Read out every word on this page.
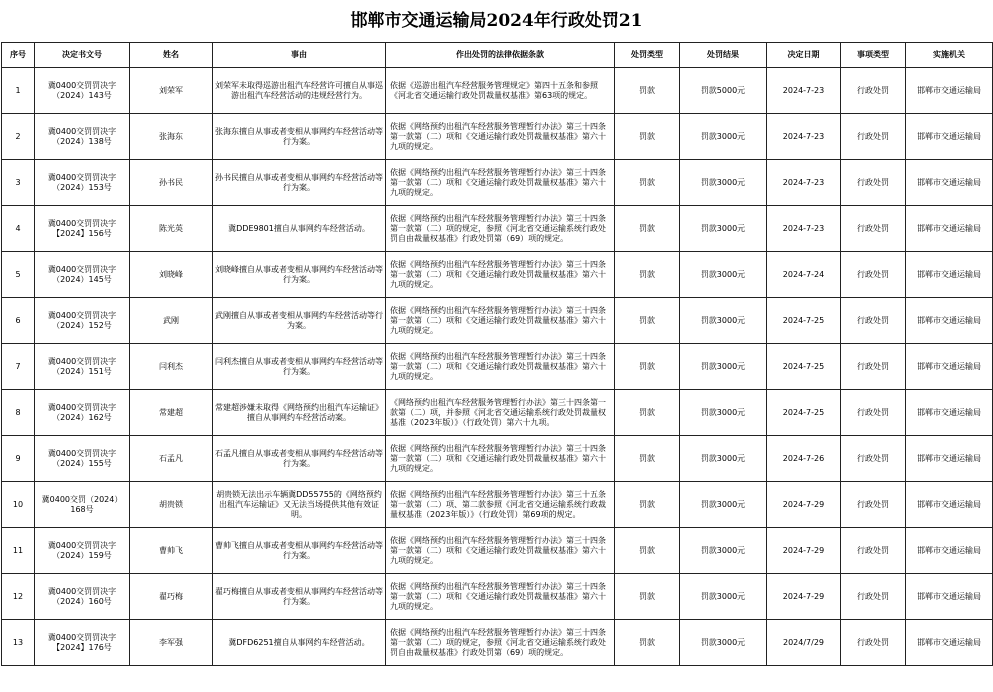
邯郸市交通运输局2024年行政处罚21
序号	决定书文号	姓名	事由	作出处罚的法律依据条款	处罚类型	处罚结果	决定日期	事项类型	实施机关
1	冀0400交罚罚决字（2024）143号	刘荣军	刘荣军未取得巡游出租汽车经营许可擅自从事巡游出租汽车经营活动的违规经营行为。	依据《巡游出租汽车经营服务管理规定》第四十五条和参照《河北省交通运输行政处罚裁量权基准》第63项的规定。	罚款	罚款5000元	2024-7-23	行政处罚	邯郸市交通运输局
2	冀0400交罚罚决字（2024）138号	张海东	张海东擅自从事或者变相从事网约车经营活动等行为案。	依据《网络预约出租汽车经营服务管理暂行办法》第三十四条第一款第（二）项和《交通运输行政处罚裁量权基准》第六十九项的规定。	罚款	罚款3000元	2024-7-23	行政处罚	邯郸市交通运输局
3	冀0400交罚罚决字（2024）153号	孙书民	孙书民擅自从事或者变相从事网约车经营活动等行为案。	依据《网络预约出租汽车经营服务管理暂行办法》第三十四条第一款第（二）项和《交通运输行政处罚裁量权基准》第六十九项的规定。	罚款	罚款3000元	2024-7-23	行政处罚	邯郸市交通运输局
4	冀0400交罚罚决字【2024】156号	陈光英	冀DDE9801擅自从事网约车经营活动。	依据《网络预约出租汽车经营服务管理暂行办法》第三十四条第一款第（二）项的规定，参照《河北省交通运输系统行政处罚自由裁量权基准》行政处罚第（69）项的规定。	罚款	罚款3000元	2024-7-23	行政处罚	邯郸市交通运输局
5	冀0400交罚罚决字（2024）145号	刘晓峰	刘晓峰擅自从事或者变相从事网约车经营活动等行为案。	依据《网络预约出租汽车经营服务管理暂行办法》第三十四条第一款第（二）项和《交通运输行政处罚裁量权基准》第六十九项的规定。	罚款	罚款3000元	2024-7-24	行政处罚	邯郸市交通运输局
6	冀0400交罚罚决字（2024）152号	武刚	武刚擅自从事或者变相从事网约车经营活动等行为案。	依据《网络预约出租汽车经营服务管理暂行办法》第三十四条第一款第（二）项和《交通运输行政处罚裁量权基准》第六十九项的规定。	罚款	罚款3000元	2024-7-25	行政处罚	邯郸市交通运输局
7	冀0400交罚罚决字（2024）151号	闫利杰	闫利杰擅自从事或者变相从事网约车经营活动等行为案。	依据《网络预约出租汽车经营服务管理暂行办法》第三十四条第一款第（二）项和《交通运输行政处罚裁量权基准》第六十九项的规定。	罚款	罚款3000元	2024-7-25	行政处罚	邯郸市交通运输局
8	冀0400交罚罚决字（2024）162号	常建超	常建超涉嫌未取得《网络预约出租汽车运输证》擅自从事网约车经营活动案。	《网络预约出租汽车经营服务管理暂行办法》第三十四条第一款第（二）项，并参照《河北省交通运输系统行政处罚裁量权基准（2023年版）》（行政处罚）第六十九项。	罚款	罚款3000元	2024-7-25	行政处罚	邯郸市交通运输局
9	冀0400交罚罚决字（2024）155号	石孟凡	石孟凡擅自从事或者变相从事网约车经营活动等行为案。	依据《网络预约出租汽车经营服务管理暂行办法》第三十四条第一款第（二）项和《交通运输行政处罚裁量权基准》第六十九项的规定。	罚款	罚款3000元	2024-7-26	行政处罚	邯郸市交通运输局
10	冀0400交罚（2024）168号	胡贵锁	胡贵锁无法出示车辆冀DD55755的《网络预约出租汽车运输证》又无法当场提供其他有效证明。	依据《网络预约出租汽车经营服务管理暂行办法》第三十五条第一款第（二）项、第二款参照《河北省交通运输系统行政裁量权基准（2023年版）》（行政处罚）第69项的规定。	罚款	罚款3000元	2024-7-29	行政处罚	邯郸市交通运输局
11	冀0400交罚罚决字（2024）159号	曹帅飞	曹帅飞擅自从事或者变相从事网约车经营活动等行为案。	依据《网络预约出租汽车经营服务管理暂行办法》第三十四条第一款第（二）项和《交通运输行政处罚裁量权基准》第六十九项的规定。	罚款	罚款3000元	2024-7-29	行政处罚	邯郸市交通运输局
12	冀0400交罚罚决字（2024）160号	翟巧梅	翟巧梅擅自从事或者变相从事网约车经营活动等行为案。	依据《网络预约出租汽车经营服务管理暂行办法》第三十四条第一款第（二）项和《交通运输行政处罚裁量权基准》第六十九项的规定。	罚款	罚款3000元	2024-7-29	行政处罚	邯郸市交通运输局
13	冀0400交罚罚决字【2024】176号	李军强	冀DFD6251擅自从事网约车经营活动。	依据《网络预约出租汽车经营服务管理暂行办法》第三十四条第一款第（二）项的规定，参照《河北省交通运输系统行政处罚自由裁量权基准》行政处罚第（69）项的规定。	罚款	罚款3000元	2024/7/29	行政处罚	邯郸市交通运输局
